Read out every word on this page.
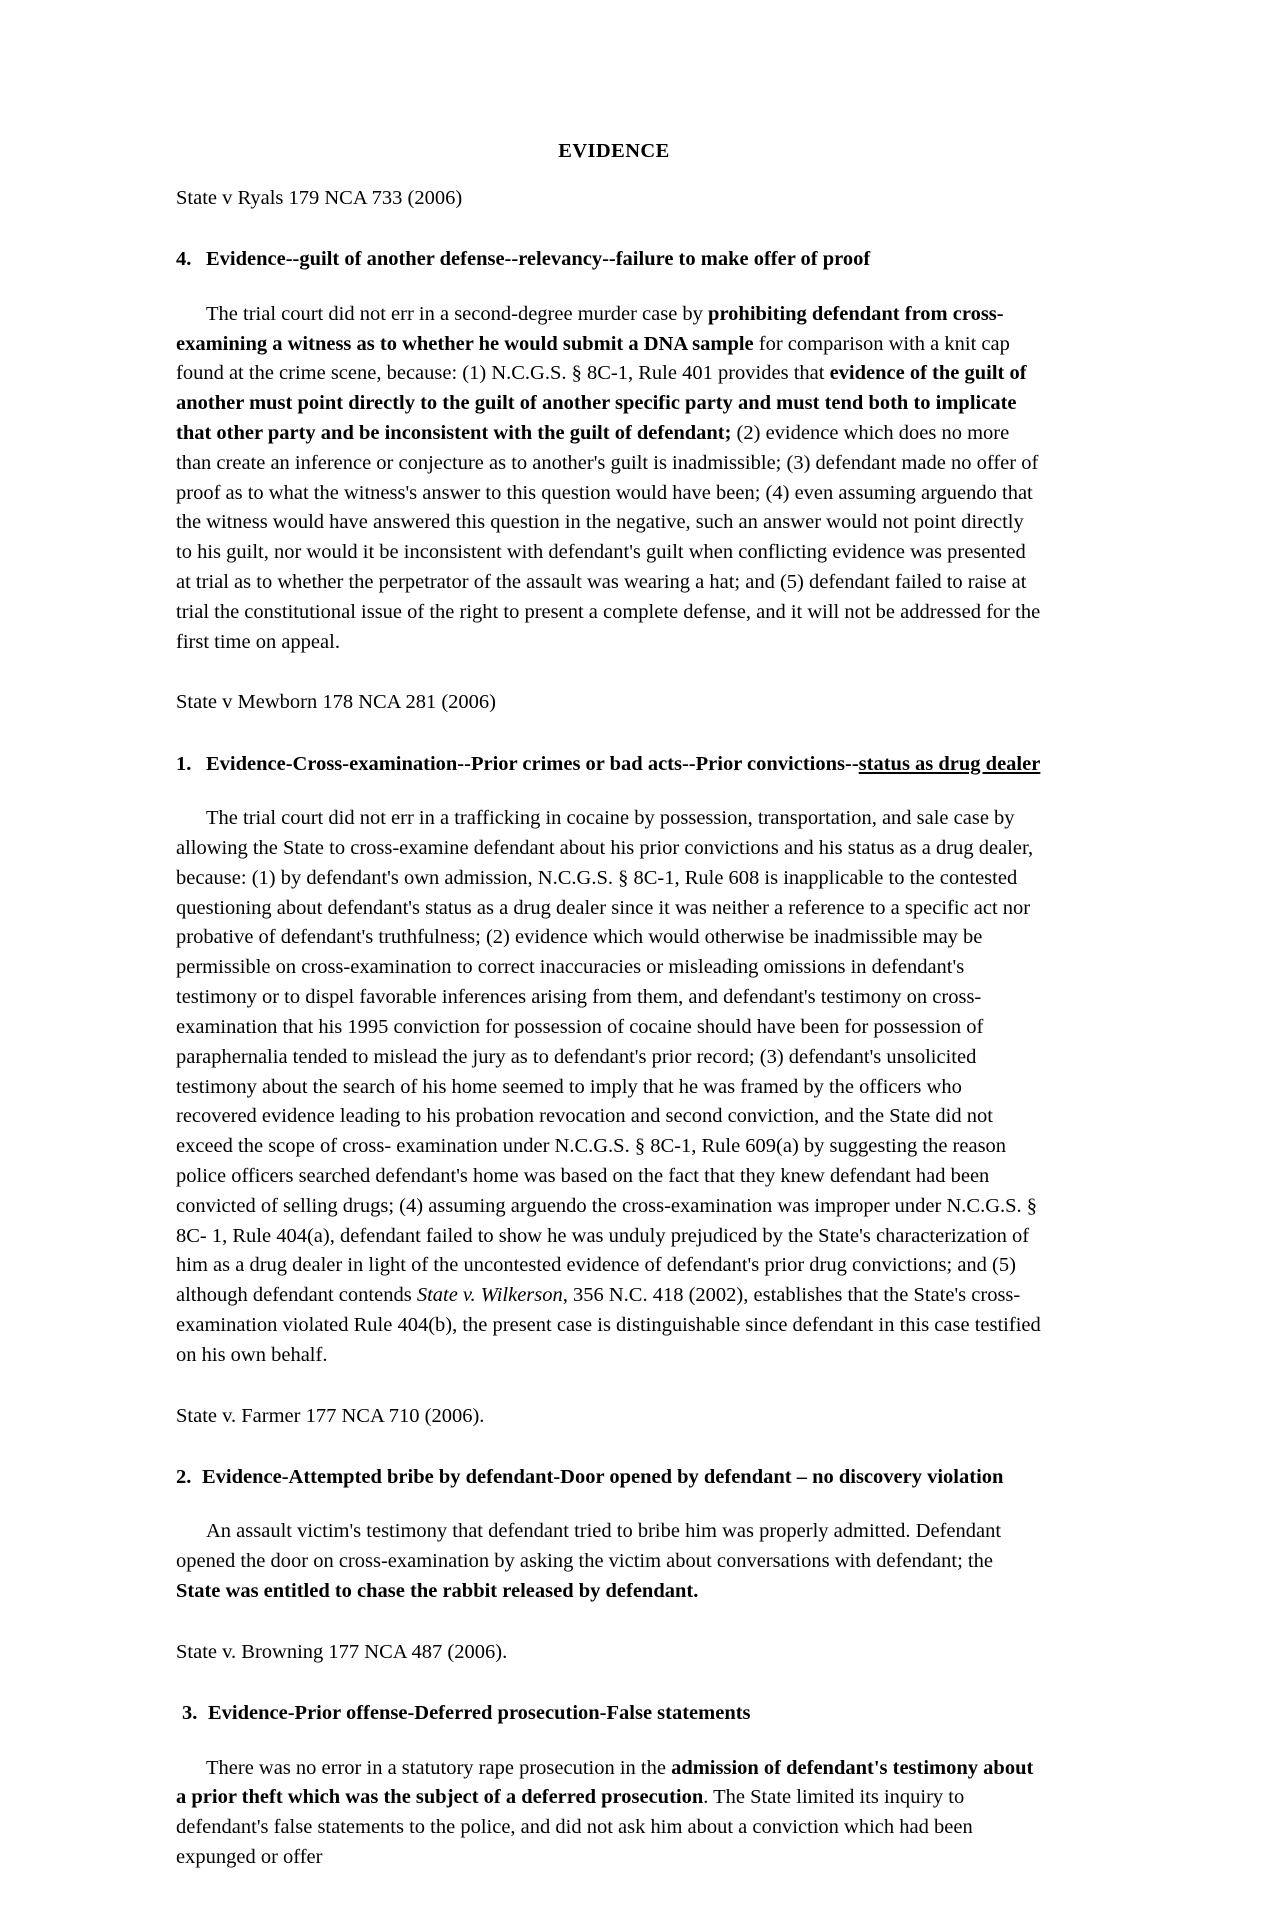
EVIDENCE
State v Ryals 179 NCA 733 (2006)
4. Evidence--guilt of another defense--relevancy--failure to make offer of proof
The trial court did not err in a second-degree murder case by prohibiting defendant from cross-examining a witness as to whether he would submit a DNA sample for comparison with a knit cap found at the crime scene, because: (1) N.C.G.S. § 8C-1, Rule 401 provides that evidence of the guilt of another must point directly to the guilt of another specific party and must tend both to implicate that other party and be inconsistent with the guilt of defendant; (2) evidence which does no more than create an inference or conjecture as to another's guilt is inadmissible; (3) defendant made no offer of proof as to what the witness's answer to this question would have been; (4) even assuming arguendo that the witness would have answered this question in the negative, such an answer would not point directly to his guilt, nor would it be inconsistent with defendant's guilt when conflicting evidence was presented at trial as to whether the perpetrator of the assault was wearing a hat; and (5) defendant failed to raise at trial the constitutional issue of the right to present a complete defense, and it will not be addressed for the first time on appeal.
State v Mewborn 178 NCA 281 (2006)
1. Evidence-Cross-examination--Prior crimes or bad acts--Prior convictions--status as drug dealer
The trial court did not err in a trafficking in cocaine by possession, transportation, and sale case by allowing the State to cross-examine defendant about his prior convictions and his status as a drug dealer, because: (1) by defendant's own admission, N.C.G.S. § 8C-1, Rule 608 is inapplicable to the contested questioning about defendant's status as a drug dealer since it was neither a reference to a specific act nor probative of defendant's truthfulness; (2) evidence which would otherwise be inadmissible may be permissible on cross-examination to correct inaccuracies or misleading omissions in defendant's testimony or to dispel favorable inferences arising from them, and defendant's testimony on cross-examination that his 1995 conviction for possession of cocaine should have been for possession of paraphernalia tended to mislead the jury as to defendant's prior record; (3) defendant's unsolicited testimony about the search of his home seemed to imply that he was framed by the officers who recovered evidence leading to his probation revocation and second conviction, and the State did not exceed the scope of cross- examination under N.C.G.S. § 8C-1, Rule 609(a) by suggesting the reason police officers searched defendant's home was based on the fact that they knew defendant had been convicted of selling drugs; (4) assuming arguendo the cross-examination was improper under N.C.G.S. § 8C- 1, Rule 404(a), defendant failed to show he was unduly prejudiced by the State's characterization of him as a drug dealer in light of the uncontested evidence of defendant's prior drug convictions; and (5) although defendant contends State v. Wilkerson, 356 N.C. 418 (2002), establishes that the State's cross-examination violated Rule 404(b), the present case is distinguishable since defendant in this case testified on his own behalf.
State v. Farmer 177 NCA 710 (2006).
2. Evidence-Attempted bribe by defendant-Door opened by defendant – no discovery violation
An assault victim's testimony that defendant tried to bribe him was properly admitted. Defendant opened the door on cross-examination by asking the victim about conversations with defendant; the State was entitled to chase the rabbit released by defendant.
State v. Browning 177 NCA 487 (2006).
3. Evidence-Prior offense-Deferred prosecution-False statements
There was no error in a statutory rape prosecution in the admission of defendant's testimony about a prior theft which was the subject of a deferred prosecution. The State limited its inquiry to defendant's false statements to the police, and did not ask him about a conviction which had been expunged or offer
